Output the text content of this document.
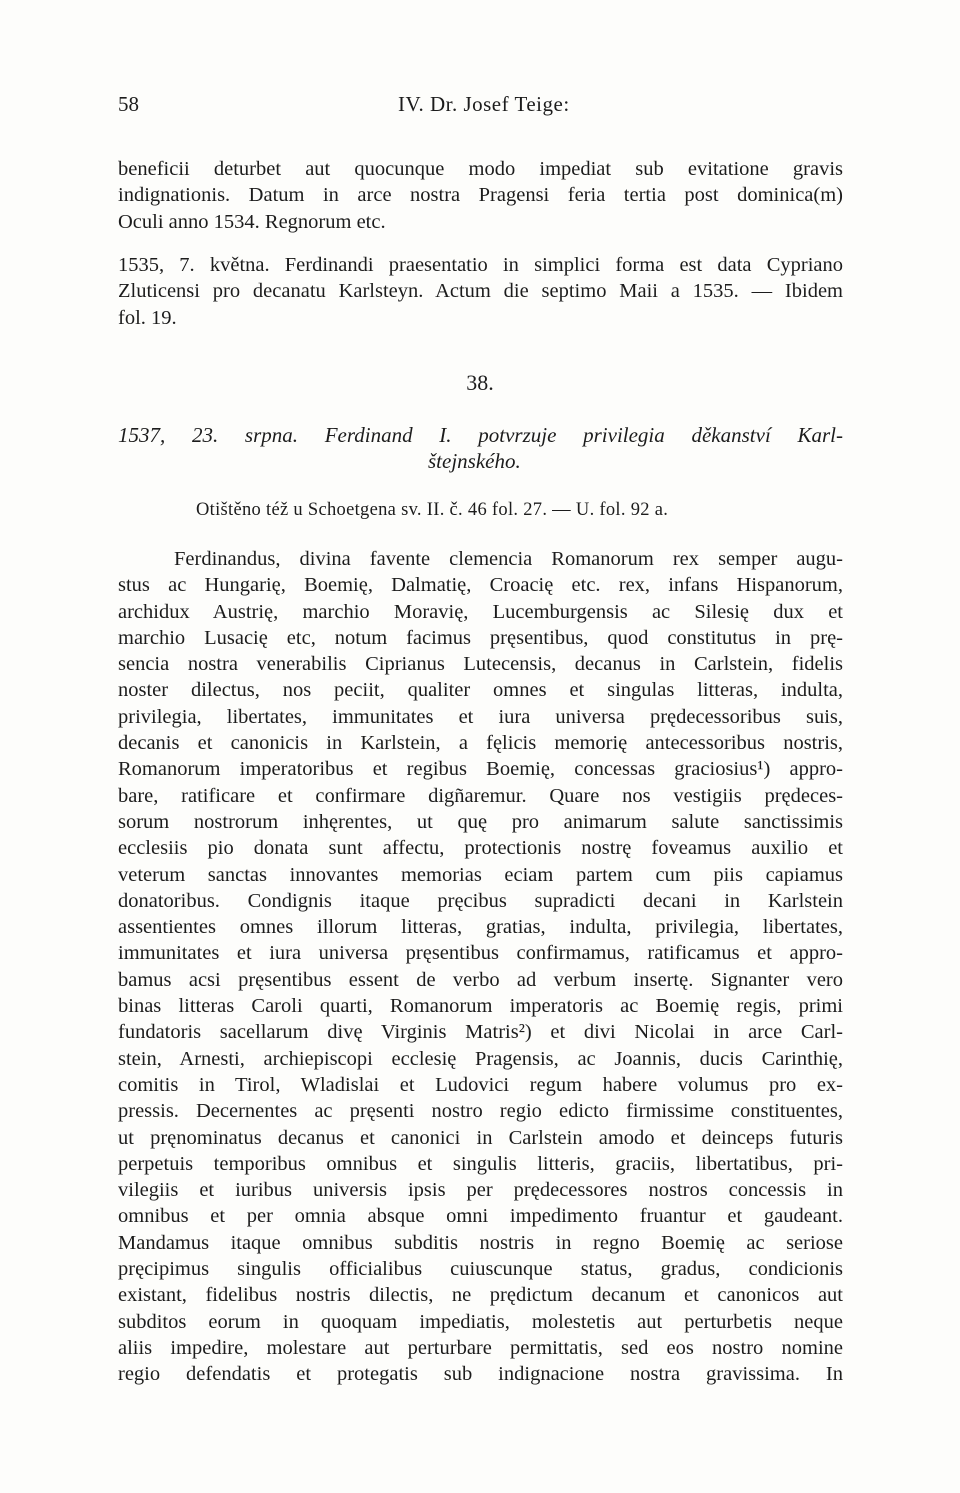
58	IV. Dr. Josef Teige:
beneficii deturbet aut quocunque modo impediat sub evitatione gravis
indignationis. Datum in arce nostra Pragensi feria tertia post dominica(m)
Oculi anno 1534. Regnorum etc.
1535, 7. května. Ferdinandi praesentatio in simplici forma est data Cypriano
Zluticensi pro decanatu Karlsteyn. Actum die septimo Maii a 1535. — Ibidem
fol. 19.
38.
1537, 23. srpna. Ferdinand I. potvrzuje privilegia děkanství Karl-
štejnského.
Otištěno též u Schoetgena sv. II. č. 46 fol. 27. — U. fol. 92 a.
Ferdinandus, divina favente clemencia Romanorum rex semper augu-
stus ac Hungarię, Boemię, Dalmatię, Croacię etc. rex, infans Hispanorum,
archidux Austrię, marchio Moravię, Lucemburgensis ac Silesię dux et
marchio Lusacię etc, notum facimus pręsentibus, quod constitutus in prę-
sencia nostra venerabilis Ciprianus Lutecensis, decanus in Carlstein, fidelis
noster dilectus, nos peciit, qualiter omnes et singulas litteras, indulta,
privilegia, libertates, immunitates et iura universa prędecessoribus suis,
decanis et canonicis in Karlstein, a fęlicis memorię antecessoribus nostris,
Romanorum imperatoribus et regibus Boemię, concessas graciosius¹) appro-
bare, ratificare et confirmare digñaremur. Quare nos vestigiis prędeces-
sorum nostrorum inhęrentes, ut quę pro animarum salute sanctissimis
ecclesiis pio donata sunt affectu, protectionis nostrę foveamus auxilio et
veterum sanctas innovantes memorias eciam partem cum piis capiamus
donatoribus. Condignis itaque pręcibus supradicti decani in Karlstein
assentientes omnes illorum litteras, gratias, indulta, privilegia, libertates,
immunitates et iura universa pręsentibus confirmamus, ratificamus et appro-
bamus acsi pręsentibus essent de verbo ad verbum insertę. Signanter vero
binas litteras Caroli quarti, Romanorum imperatoris ac Boemię regis, primi
fundatoris sacellarum divę Virginis Matris²) et divi Nicolai in arce Carl-
stein, Arnesti, archiepiscopi ecclesię Pragensis, ac Joannis, ducis Carinthię,
comitis in Tirol, Wladislai et Ludovici regum habere volumus pro ex-
pressis. Decernentes ac pręsenti nostro regio edicto firmissime constituentes,
ut pręnominatus decanus et canonici in Carlstein amodo et deinceps futuris
perpetuis temporibus omnibus et singulis litteris, graciis, libertatibus, pri-
vilegiis et iuribus universis ipsis per prędecessores nostros concessis in
omnibus et per omnia absque omni impedimento fruantur et gaudeant.
Mandamus itaque omnibus subditis nostris in regno Boemię ac seriose
pręcipimus singulis officialibus cuiuscunque status, gradus, condicionis
existant, fidelibus nostris dilectis, ne prędictum decanum et canonicos aut
subditos eorum in quoquam impediatis, molestetis aut perturbetis neque
aliis impedire, molestare aut perturbare permittatis, sed eos nostro nomine
regio defendatis et protegatis sub indignacione nostra gravissima. In
